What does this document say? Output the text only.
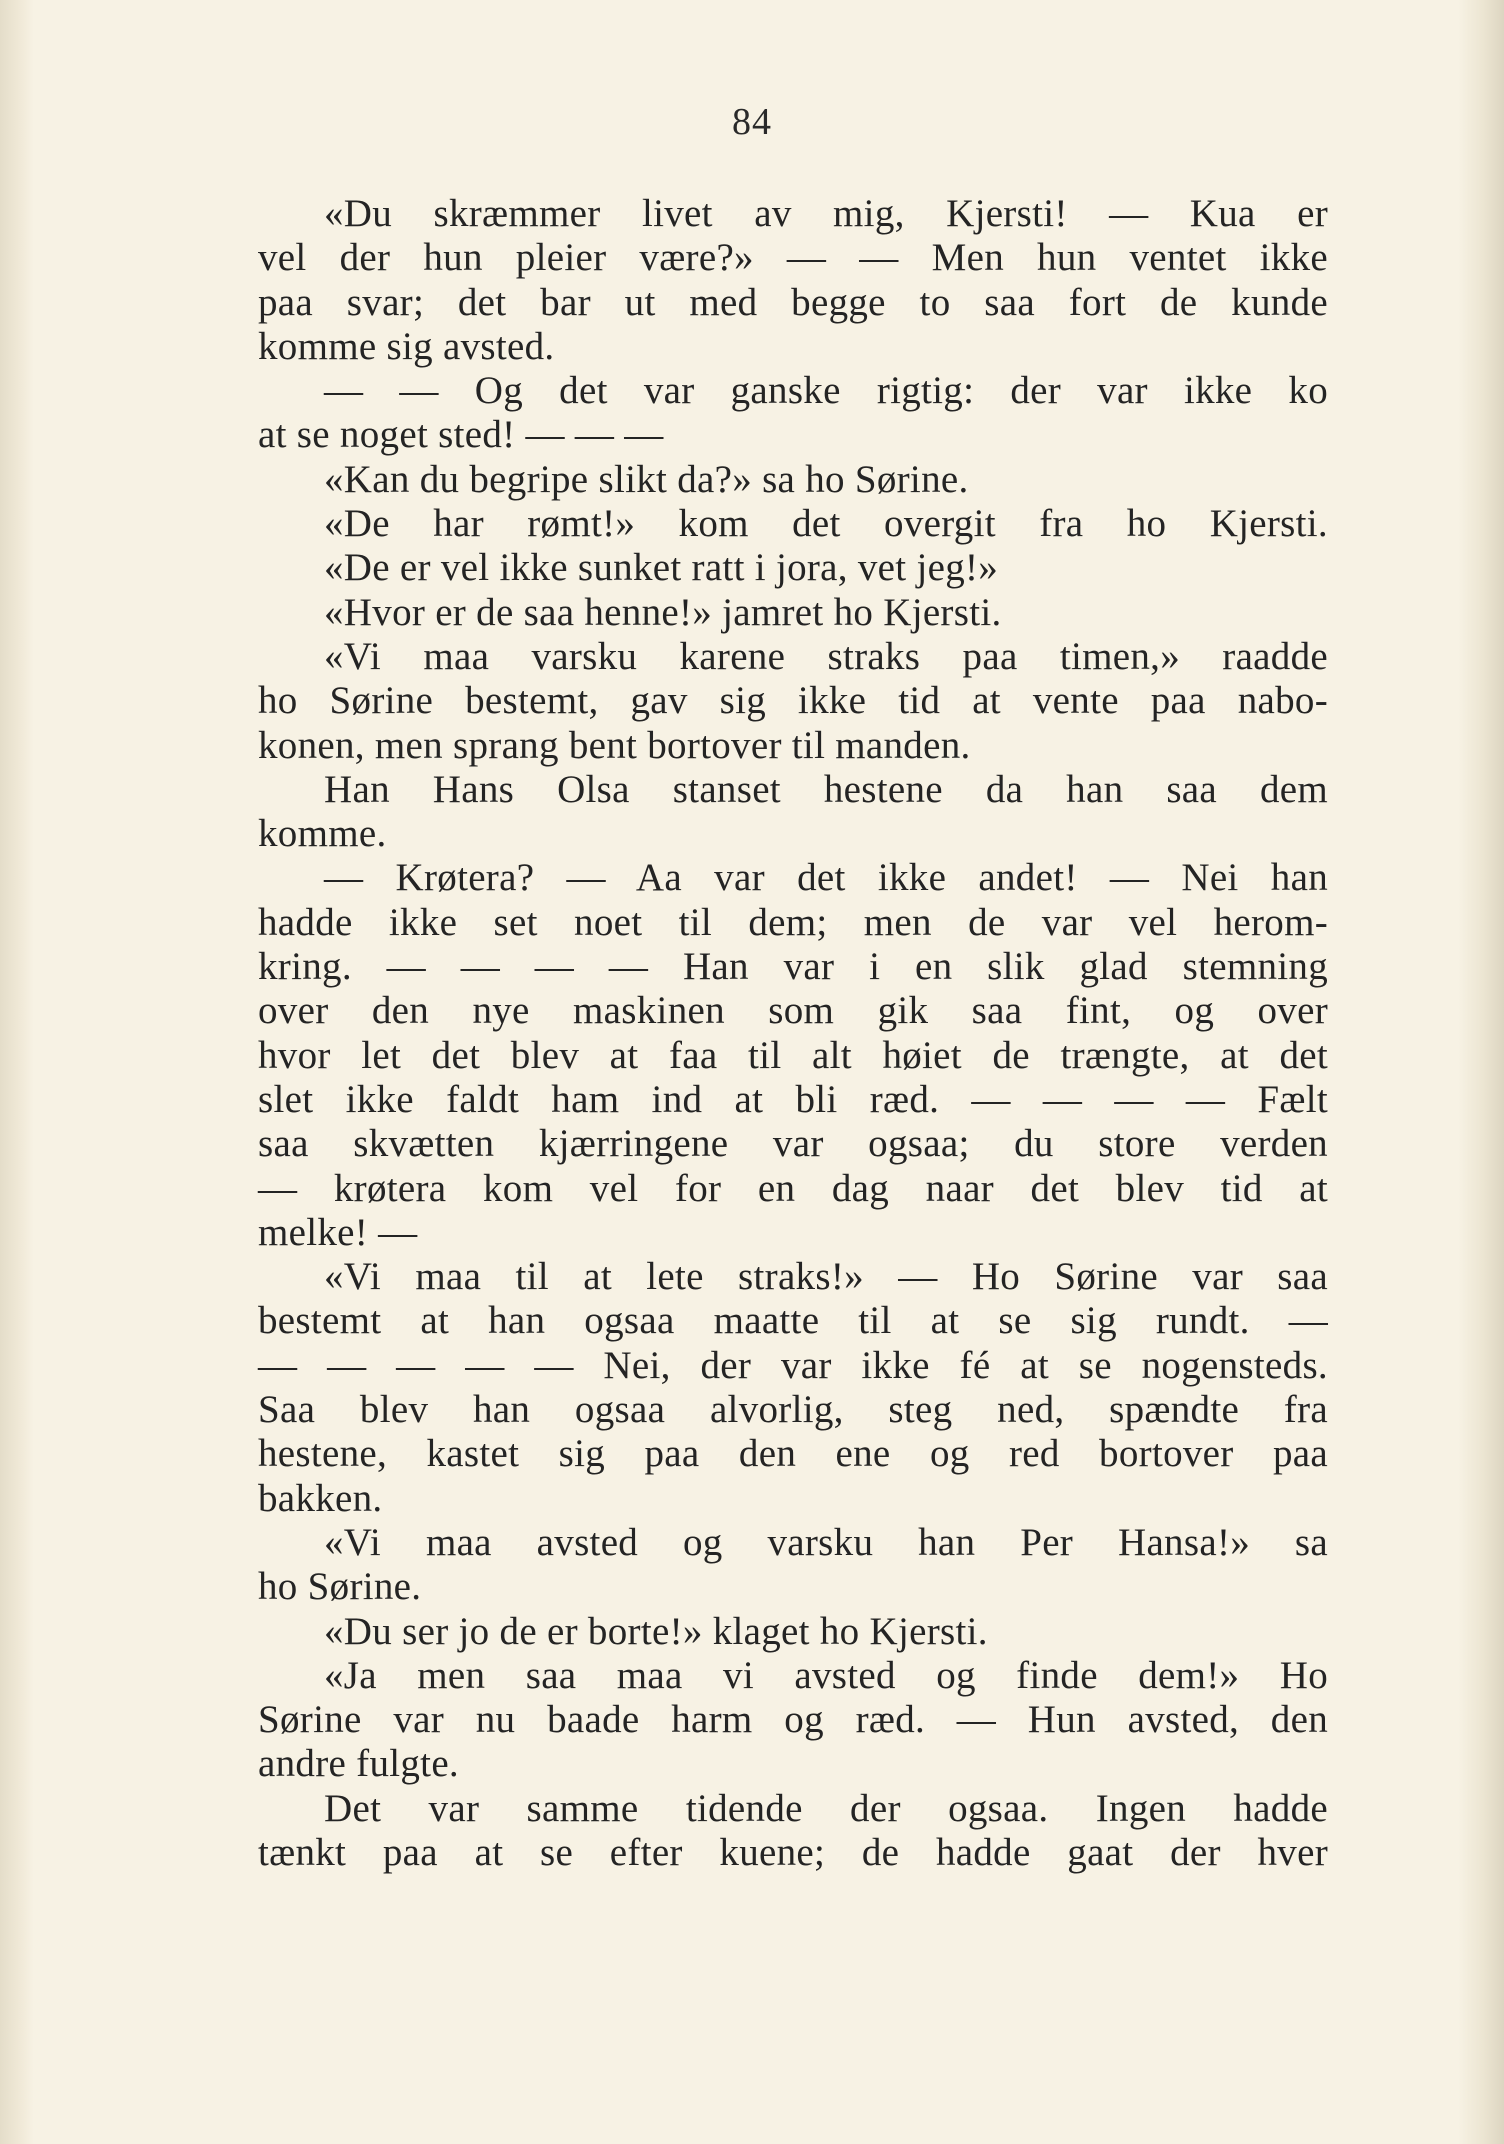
84
«Du skræmmer livet av mig, Kjersti! — Kua er
vel der hun pleier være?» — — Men hun ventet ikke
paa svar; det bar ut med begge to saa fort de kunde
komme sig avsted.
— — Og det var ganske rigtig: der var ikke ko
at se noget sted! — — —
«Kan du begripe slikt da?» sa ho Sørine.
«De har rømt!» kom det overgit fra ho Kjersti.
«De er vel ikke sunket ratt i jora, vet jeg!»
«Hvor er de saa henne!» jamret ho Kjersti.
«Vi maa varsku karene straks paa timen,» raadde
ho Sørine bestemt, gav sig ikke tid at vente paa nabo-
konen, men sprang bent bortover til manden.
Han Hans Olsa stanset hestene da han saa dem
komme.
— Krøtera? — Aa var det ikke andet! — Nei han
hadde ikke set noet til dem; men de var vel herom-
kring. — — — — Han var i en slik glad stemning
over den nye maskinen som gik saa fint, og over
hvor let det blev at faa til alt høiet de trængte, at det
slet ikke faldt ham ind at bli ræd. — — — — Fælt
saa skvætten kjærringene var ogsaa; du store verden
— krøtera kom vel for en dag naar det blev tid at
melke! —
«Vi maa til at lete straks!» — Ho Sørine var saa
bestemt at han ogsaa maatte til at se sig rundt. —
— — — — — Nei, der var ikke fé at se nogensteds.
Saa blev han ogsaa alvorlig, steg ned, spændte fra
hestene, kastet sig paa den ene og red bortover paa
bakken.
«Vi maa avsted og varsku han Per Hansa!» sa
ho Sørine.
«Du ser jo de er borte!» klaget ho Kjersti.
«Ja men saa maa vi avsted og finde dem!» Ho
Sørine var nu baade harm og ræd. — Hun avsted, den
andre fulgte.
Det var samme tidende der ogsaa. Ingen hadde
tænkt paa at se efter kuene; de hadde gaat der hver
